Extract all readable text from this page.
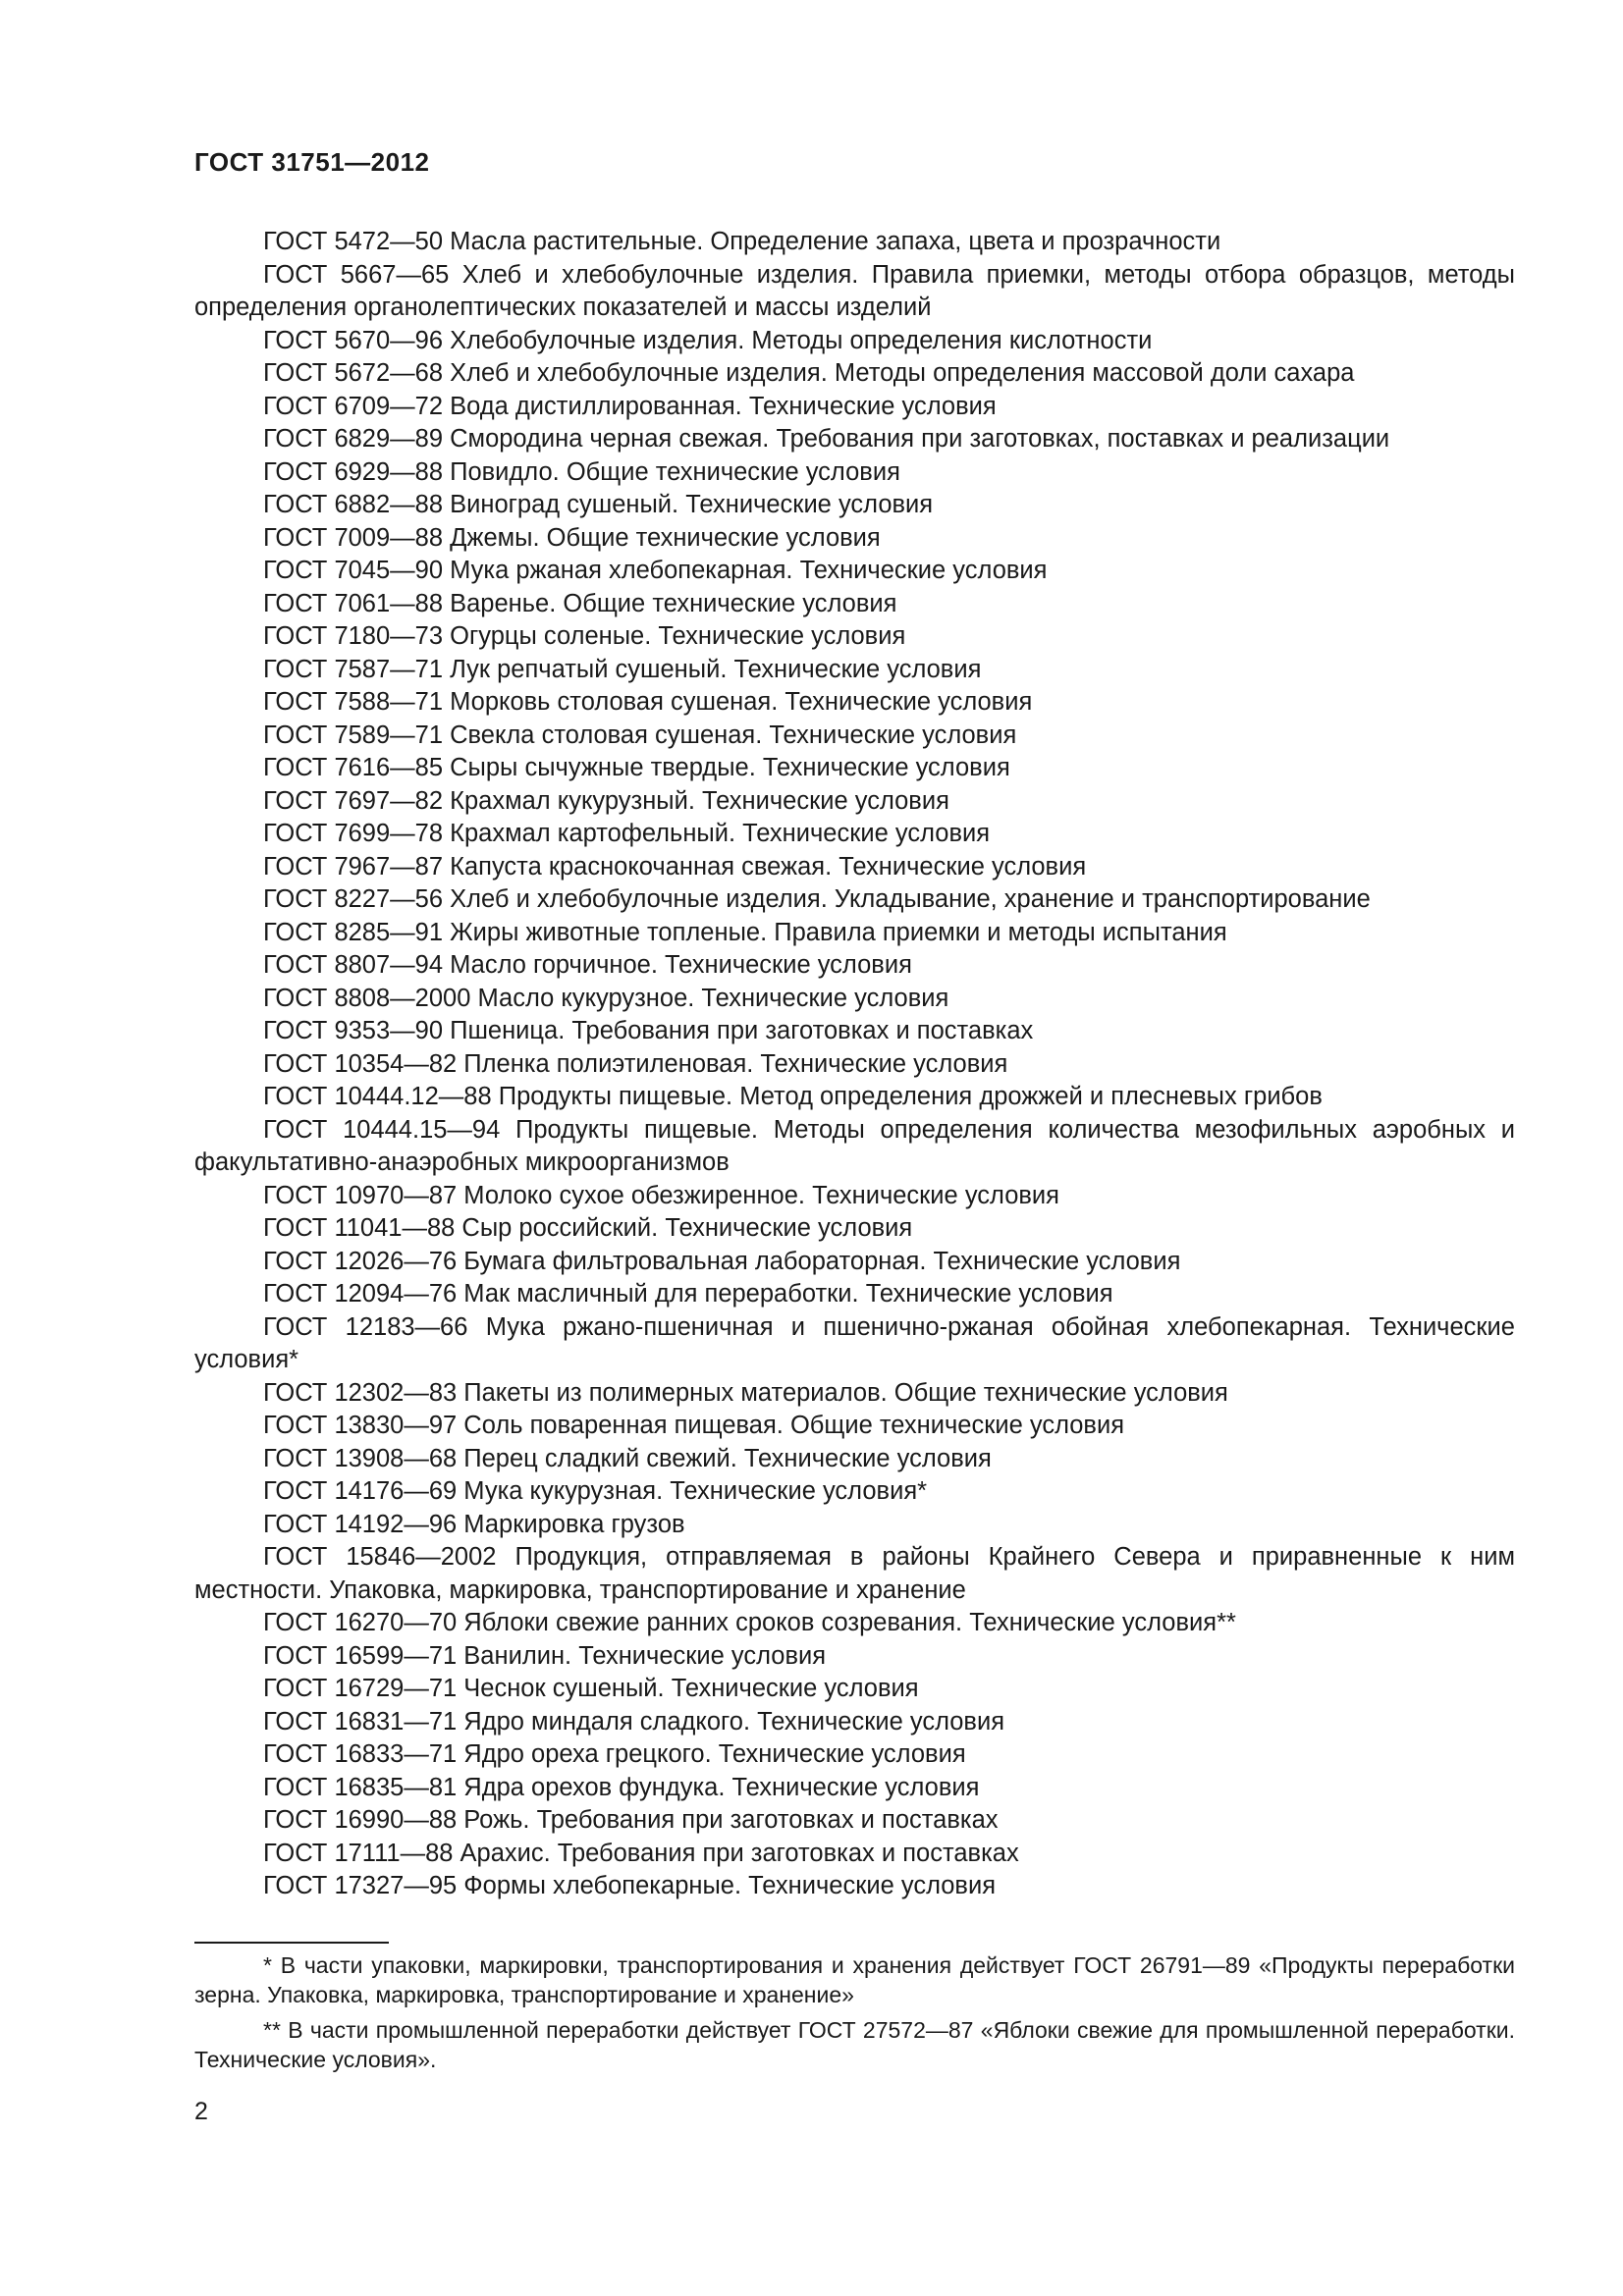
ГОСТ 31751—2012
ГОСТ 5472—50 Масла растительные. Определение запаха, цвета и прозрачности
ГОСТ 5667—65 Хлеб и хлебобулочные изделия. Правила приемки, методы отбора образцов, методы определения органолептических показателей и массы изделий
ГОСТ 5670—96 Хлебобулочные изделия. Методы определения кислотности
ГОСТ 5672—68 Хлеб и хлебобулочные изделия. Методы определения массовой доли сахара
ГОСТ 6709—72 Вода дистиллированная. Технические условия
ГОСТ 6829—89 Смородина черная свежая. Требования при заготовках, поставках и реализации
ГОСТ 6929—88 Повидло. Общие технические условия
ГОСТ 6882—88 Виноград сушеный. Технические условия
ГОСТ 7009—88 Джемы. Общие технические условия
ГОСТ 7045—90 Мука ржаная хлебопекарная. Технические условия
ГОСТ 7061—88 Варенье. Общие технические условия
ГОСТ 7180—73 Огурцы соленые. Технические условия
ГОСТ 7587—71 Лук репчатый сушеный. Технические условия
ГОСТ 7588—71 Морковь столовая сушеная. Технические условия
ГОСТ 7589—71 Свекла столовая сушеная. Технические условия
ГОСТ 7616—85 Сыры сычужные твердые. Технические условия
ГОСТ 7697—82 Крахмал кукурузный. Технические условия
ГОСТ 7699—78 Крахмал картофельный. Технические условия
ГОСТ 7967—87 Капуста краснокочанная свежая. Технические условия
ГОСТ 8227—56 Хлеб и хлебобулочные изделия. Укладывание, хранение и транспортирование
ГОСТ 8285—91 Жиры животные топленые. Правила приемки и методы испытания
ГОСТ 8807—94 Масло горчичное. Технические условия
ГОСТ 8808—2000 Масло кукурузное. Технические условия
ГОСТ 9353—90 Пшеница. Требования при заготовках и поставках
ГОСТ 10354—82 Пленка полиэтиленовая. Технические условия
ГОСТ 10444.12—88 Продукты пищевые. Метод определения дрожжей и плесневых грибов
ГОСТ 10444.15—94 Продукты пищевые. Методы определения количества мезофильных аэробных и факультативно-анаэробных микроорганизмов
ГОСТ 10970—87 Молоко сухое обезжиренное. Технические условия
ГОСТ 11041—88 Сыр российский. Технические условия
ГОСТ 12026—76 Бумага фильтровальная лабораторная. Технические условия
ГОСТ 12094—76 Мак масличный для переработки. Технические условия
ГОСТ 12183—66 Мука ржано-пшеничная и пшенично-ржаная обойная хлебопекарная. Технические условия*
ГОСТ 12302—83 Пакеты из полимерных материалов. Общие технические условия
ГОСТ 13830—97 Соль поваренная пищевая. Общие технические условия
ГОСТ 13908—68 Перец сладкий свежий. Технические условия
ГОСТ 14176—69 Мука кукурузная. Технические условия*
ГОСТ 14192—96 Маркировка грузов
ГОСТ 15846—2002 Продукция, отправляемая в районы Крайнего Севера и приравненные к ним местности. Упаковка, маркировка, транспортирование и хранение
ГОСТ 16270—70 Яблоки свежие ранних сроков созревания. Технические условия**
ГОСТ 16599—71 Ванилин. Технические условия
ГОСТ 16729—71 Чеснок сушеный. Технические условия
ГОСТ 16831—71 Ядро миндаля сладкого. Технические условия
ГОСТ 16833—71 Ядро ореха грецкого. Технические условия
ГОСТ 16835—81 Ядра орехов фундука. Технические условия
ГОСТ 16990—88 Рожь. Требования при заготовках и поставках
ГОСТ 17111—88 Арахис. Требования при заготовках и поставках
ГОСТ 17327—95 Формы хлебопекарные. Технические условия
* В части упаковки, маркировки, транспортирования и хранения действует ГОСТ 26791—89 «Продукты переработки зерна. Упаковка, маркировка, транспортирование и хранение»
** В части промышленной переработки действует ГОСТ 27572—87 «Яблоки свежие для промышленной переработки. Технические условия».
2
